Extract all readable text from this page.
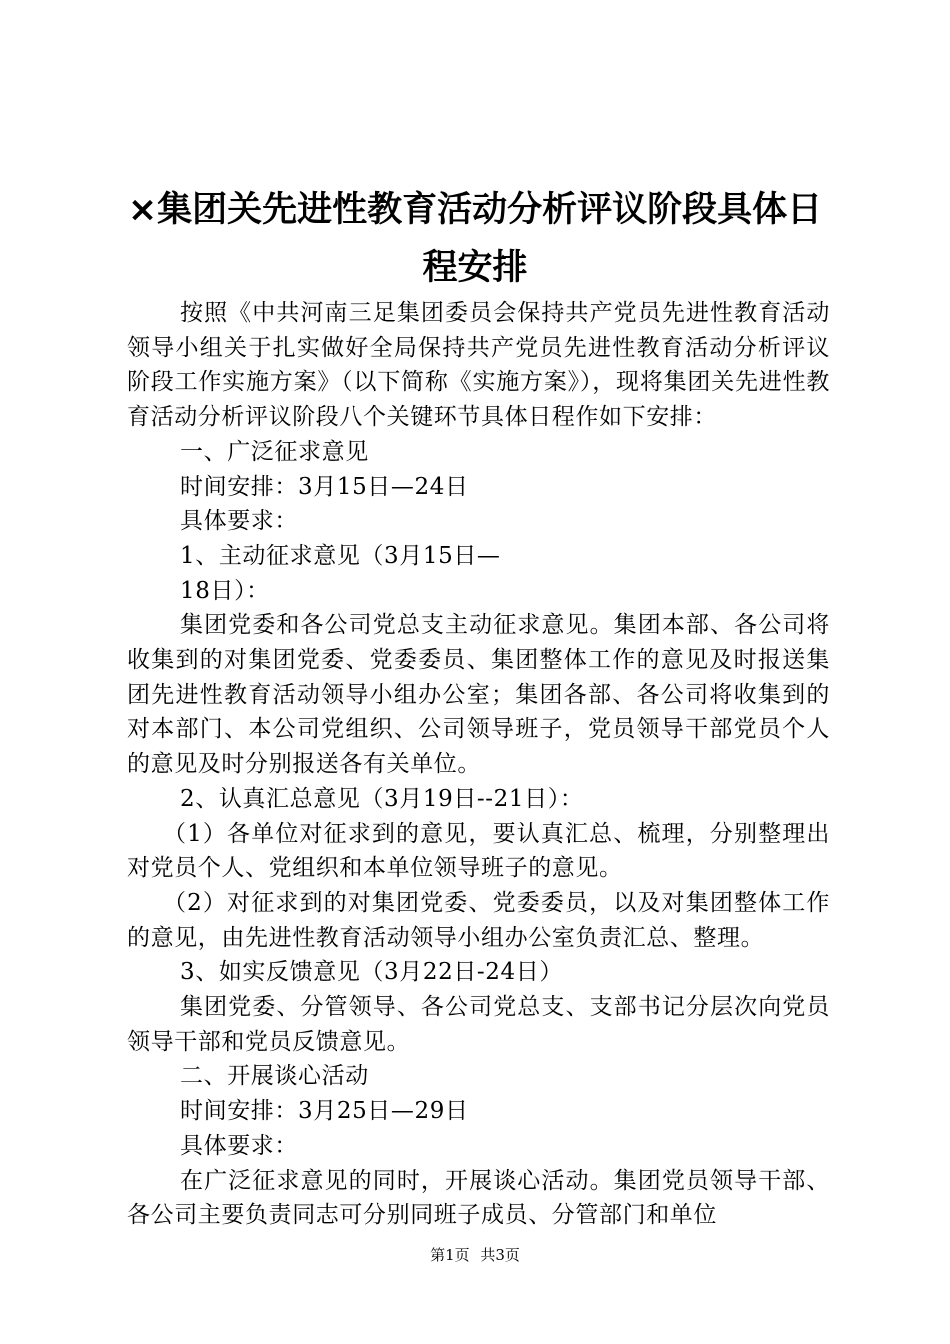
×集团关先进性教育活动分析评议阶段具体日
程安排

按照《中共河南三足集团委员会保持共产党员先进性教育活动领导小组关于扎实做好全局保持共产党员先进性教育活动分析评议阶段工作实施方案》（以下简称《实施方案》），现将集团关先进性教育活动分析评议阶段八个关键环节具体日程作如下安排：

一、广泛征求意见

时间安排：3月15日—24日

具体要求：

1、主动征求意见（3月15日—

18日）：

集团党委和各公司党总支主动征求意见。集团本部、各公司将收集到的对集团党委、党委委员、集团整体工作的意见及时报送集团先进性教育活动领导小组办公室；集团各部、各公司将收集到的对本部门、本公司党组织、公司领导班子，党员领导干部党员个人的意见及时分别报送各有关单位。

2、认真汇总意见（3月19日--21日）：

（1）各单位对征求到的意见，要认真汇总、梳理，分别整理出对党员个人、党组织和本单位领导班子的意见。

（2）对征求到的对集团党委、党委委员，以及对集团整体工作的意见，由先进性教育活动领导小组办公室负责汇总、整理。

3、如实反馈意见（3月22日-24日）

集团党委、分管领导、各公司党总支、支部书记分层次向党员领导干部和党员反馈意见。

二、开展谈心活动

时间安排：3月25日—29日

具体要求：

在广泛征求意见的同时，开展谈心活动。集团党员领导干部、各公司主要负责同志可分别同班子成员、分管部门和单位

第1页 共3页
